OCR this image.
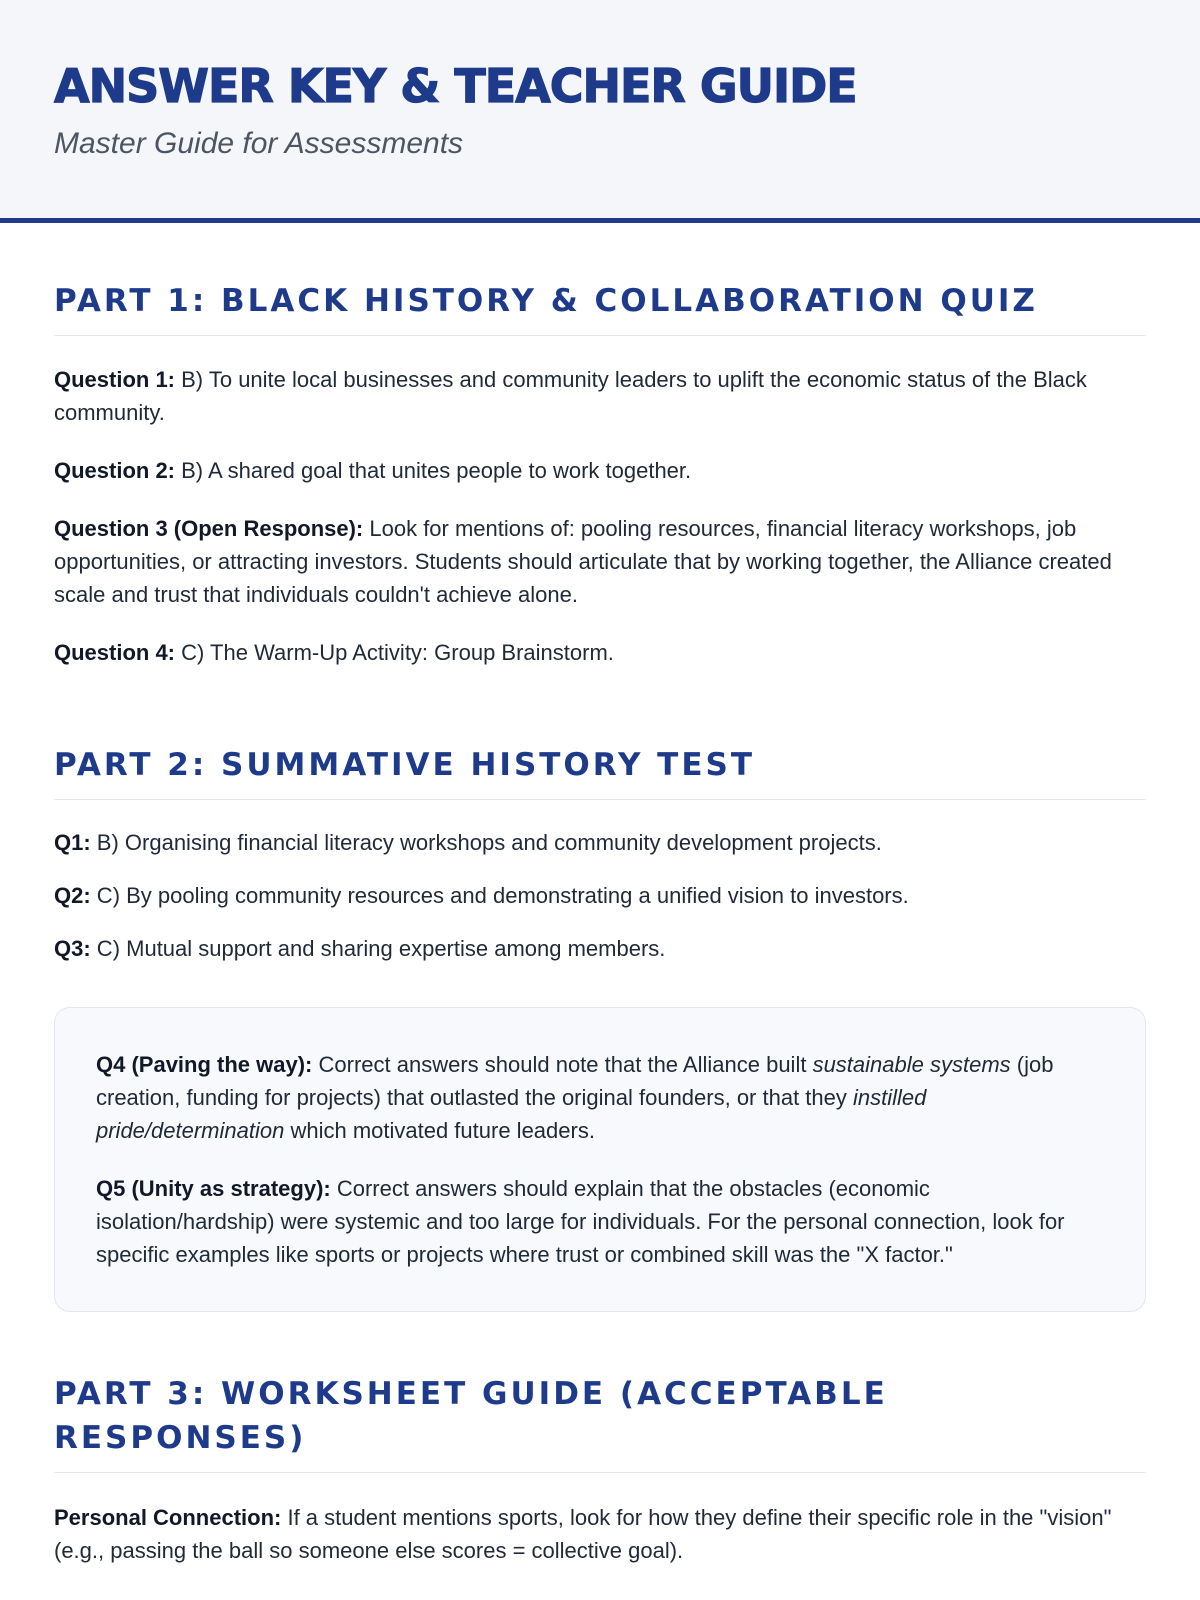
ANSWER KEY & TEACHER GUIDE
Master Guide for Assessments
PART 1: BLACK HISTORY & COLLABORATION QUIZ

Question 1: B) To unite local businesses and community leaders to uplift the economic status of the Black community.

Question 2: B) A shared goal that unites people to work together.

Question 3 (Open Response): Look for mentions of: pooling resources, financial literacy workshops, job opportunities, or attracting investors. Students should articulate that by working together, the Alliance created scale and trust that individuals couldn't achieve alone.

Question 4: C) The Warm-Up Activity: Group Brainstorm.

PART 2: SUMMATIVE HISTORY TEST

Q1: B) Organising financial literacy workshops and community development projects.

Q2: C) By pooling community resources and demonstrating a unified vision to investors.

Q3: C) Mutual support and sharing expertise among members.

Q4 (Paving the way): Correct answers should note that the Alliance built sustainable systems (job creation, funding for projects) that outlasted the original founders, or that they instilled pride/determination which motivated future leaders.

Q5 (Unity as strategy): Correct answers should explain that the obstacles (economic isolation/hardship) were systemic and too large for individuals. For the personal connection, look for specific examples like sports or projects where trust or combined skill was the "X factor."

PART 3: WORKSHEET GUIDE (ACCEPTABLE RESPONSES)

Personal Connection: If a student mentions sports, look for how they define their specific role in the "vision" (e.g., passing the ball so someone else scores = collective goal).
